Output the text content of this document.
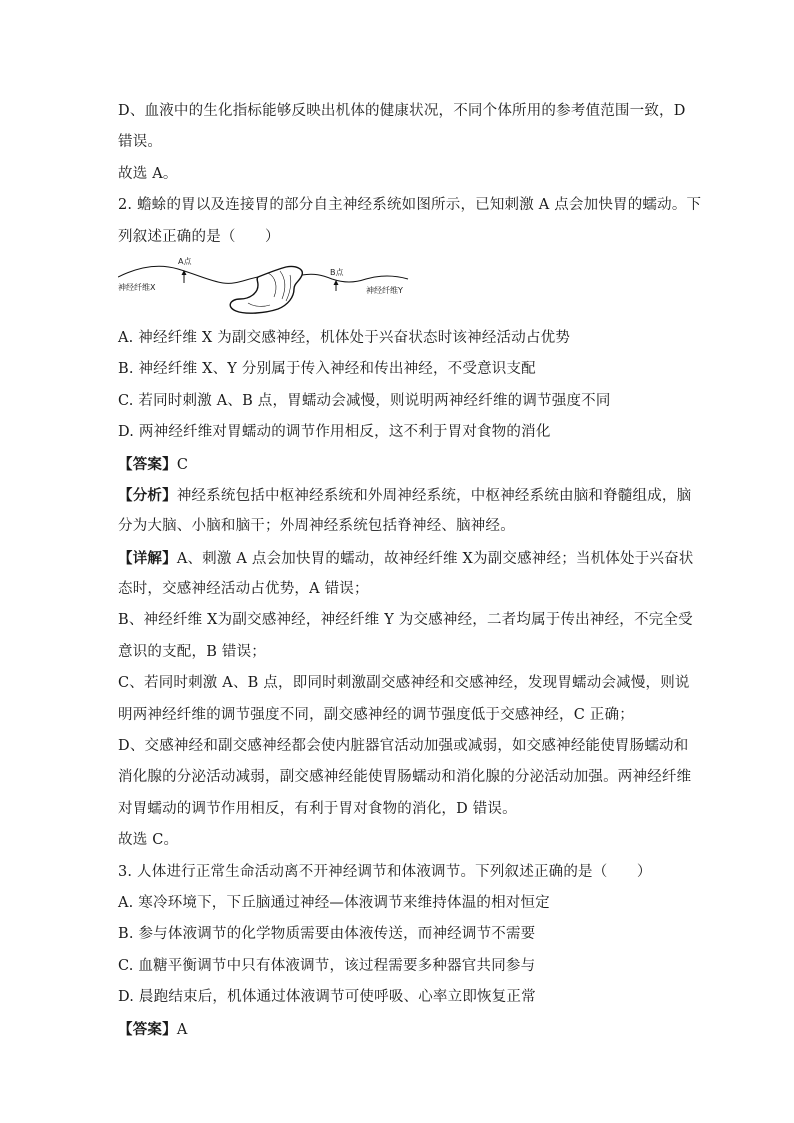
D、血液中的生化指标能够反映出机体的健康状况，不同个体所用的参考值范围一致，D
错误。
故选 A。
2. 蟾蜍的胃以及连接胃的部分自主神经系统如图所示，已知刺激 A 点会加快胃的蠕动。下
列叙述正确的是（　　）
A点
B点
神经纤维X	神经纤维Y
A. 神经纤维 X 为副交感神经，机体处于兴奋状态时该神经活动占优势
B. 神经纤维 X、Y 分别属于传入神经和传出神经，不受意识支配
C. 若同时刺激 A、B 点，胃蠕动会减慢，则说明两神经纤维的调节强度不同
D. 两神经纤维对胃蠕动的调节作用相反，这不利于胃对食物的消化
【答案】C
【分析】神经系统包括中枢神经系统和外周神经系统，中枢神经系统由脑和脊髓组成，脑
分为大脑、小脑和脑干；外周神经系统包括脊神经、脑神经。
【详解】A、刺激 A 点会加快胃的蠕动，故神经纤维 X为副交感神经；当机体处于兴奋状
态时，交感神经活动占优势，A 错误；
B、神经纤维 X为副交感神经，神经纤维 Y 为交感神经，二者均属于传出神经，不完全受
意识的支配，B 错误；
C、若同时刺激 A、B 点，即同时刺激副交感神经和交感神经，发现胃蠕动会减慢，则说
明两神经纤维的调节强度不同，副交感神经的调节强度低于交感神经，C 正确；
D、交感神经和副交感神经都会使内脏器官活动加强或减弱，如交感神经能使胃肠蠕动和
消化腺的分泌活动减弱，副交感神经能使胃肠蠕动和消化腺的分泌活动加强。两神经纤维
对胃蠕动的调节作用相反，有利于胃对食物的消化，D 错误。
故选 C。
3. 人体进行正常生命活动离不开神经调节和体液调节。下列叙述正确的是（　　）
A. 寒冷环境下，下丘脑通过神经—体液调节来维持体温的相对恒定
B. 参与体液调节的化学物质需要由体液传送，而神经调节不需要
C. 血糖平衡调节中只有体液调节，该过程需要多种器官共同参与
D. 晨跑结束后，机体通过体液调节可使呼吸、心率立即恢复正常
【答案】A
